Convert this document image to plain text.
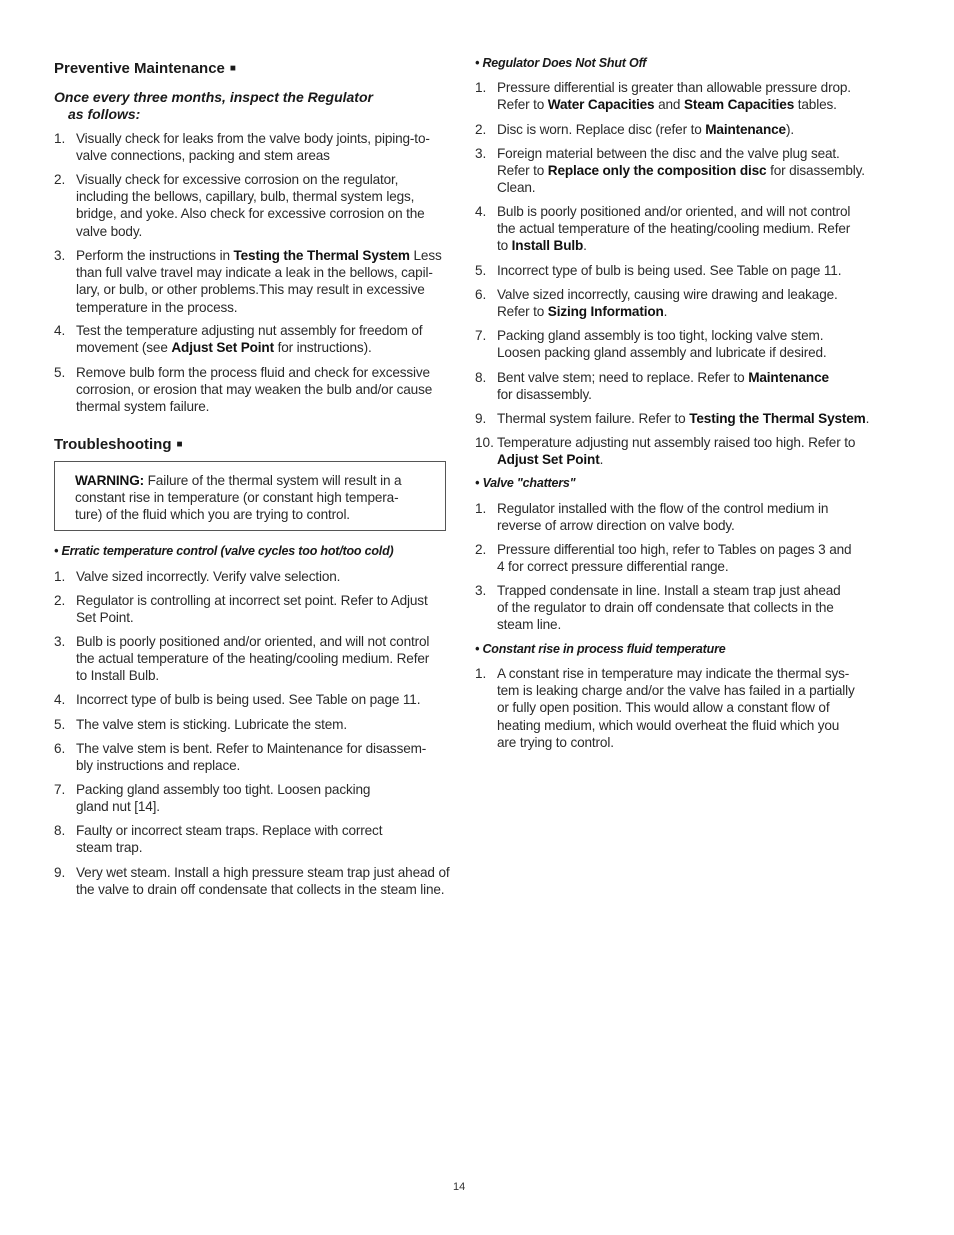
Preventive Maintenance ■
Once every three months, inspect the Regulator
as follows:
1. Visually check for leaks from the valve body joints, piping-to-
valve connections, packing and stem areas
2. Visually check for excessive corrosion on the regulator,
including the bellows, capillary, bulb, thermal system legs,
bridge, and yoke. Also check for excessive corrosion on the
valve body.
3. Perform the instructions in Testing the Thermal System Less
than full valve travel may indicate a leak in the bellows, capil-
lary, or bulb, or other problems.This may result in excessive
temperature in the process.
4. Test the temperature adjusting nut assembly for freedom of
movement (see Adjust Set Point for instructions).
5. Remove bulb form the process fluid and check for excessive
corrosion, or erosion that may weaken the bulb and/or cause
thermal system failure.
Troubleshooting ■
WARNING: Failure of the thermal system will result in a
constant rise in temperature (or constant high tempera-
ture) of the fluid which you are trying to control.
• Erratic temperature control (valve cycles too hot/too cold)
1. Valve sized incorrectly. Verify valve selection.
2. Regulator is controlling at incorrect set point. Refer to Adjust
Set Point.
3. Bulb is poorly positioned and/or oriented, and will not control
the actual temperature of the heating/cooling medium. Refer
to Install Bulb.
4. Incorrect type of bulb is being used. See Table on page 11.
5. The valve stem is sticking. Lubricate the stem.
6. The valve stem is bent. Refer to Maintenance for disassem-
bly instructions and replace.
7. Packing gland assembly too tight. Loosen packing
gland nut [14].
8. Faulty or incorrect steam traps. Replace with correct
steam trap.
9. Very wet steam. Install a high pressure steam trap just ahead of
the valve to drain off condensate that collects in the steam line.
• Regulator Does Not Shut Off
1. Pressure differential is greater than allowable pressure drop.
Refer to Water Capacities and Steam Capacities tables.
2. Disc is worn. Replace disc (refer to Maintenance).
3. Foreign material between the disc and the valve plug seat.
Refer to Replace only the composition disc for disassembly.
Clean.
4. Bulb is poorly positioned and/or oriented, and will not control
the actual temperature of the heating/cooling medium. Refer
to Install Bulb.
5. Incorrect type of bulb is being used. See Table on page 11.
6. Valve sized incorrectly, causing wire drawing and leakage.
Refer to Sizing Information.
7. Packing gland assembly is too tight, locking valve stem.
Loosen packing gland assembly and lubricate if desired.
8. Bent valve stem; need to replace. Refer to Maintenance
for disassembly.
9. Thermal system failure. Refer to Testing the Thermal System.
10. Temperature adjusting nut assembly raised too high. Refer to
Adjust Set Point.
• Valve "chatters"
1. Regulator installed with the flow of the control medium in
reverse of arrow direction on valve body.
2. Pressure differential too high, refer to Tables on pages 3 and
4 for correct pressure differential range.
3. Trapped condensate in line. Install a steam trap just ahead
of the regulator to drain off condensate that collects in the
steam line.
• Constant rise in process fluid temperature
1. A constant rise in temperature may indicate the thermal sys-
tem is leaking charge and/or the valve has failed in a partially
or fully open position. This would allow a constant flow of
heating medium, which would overheat the fluid which you
are trying to control.
14
